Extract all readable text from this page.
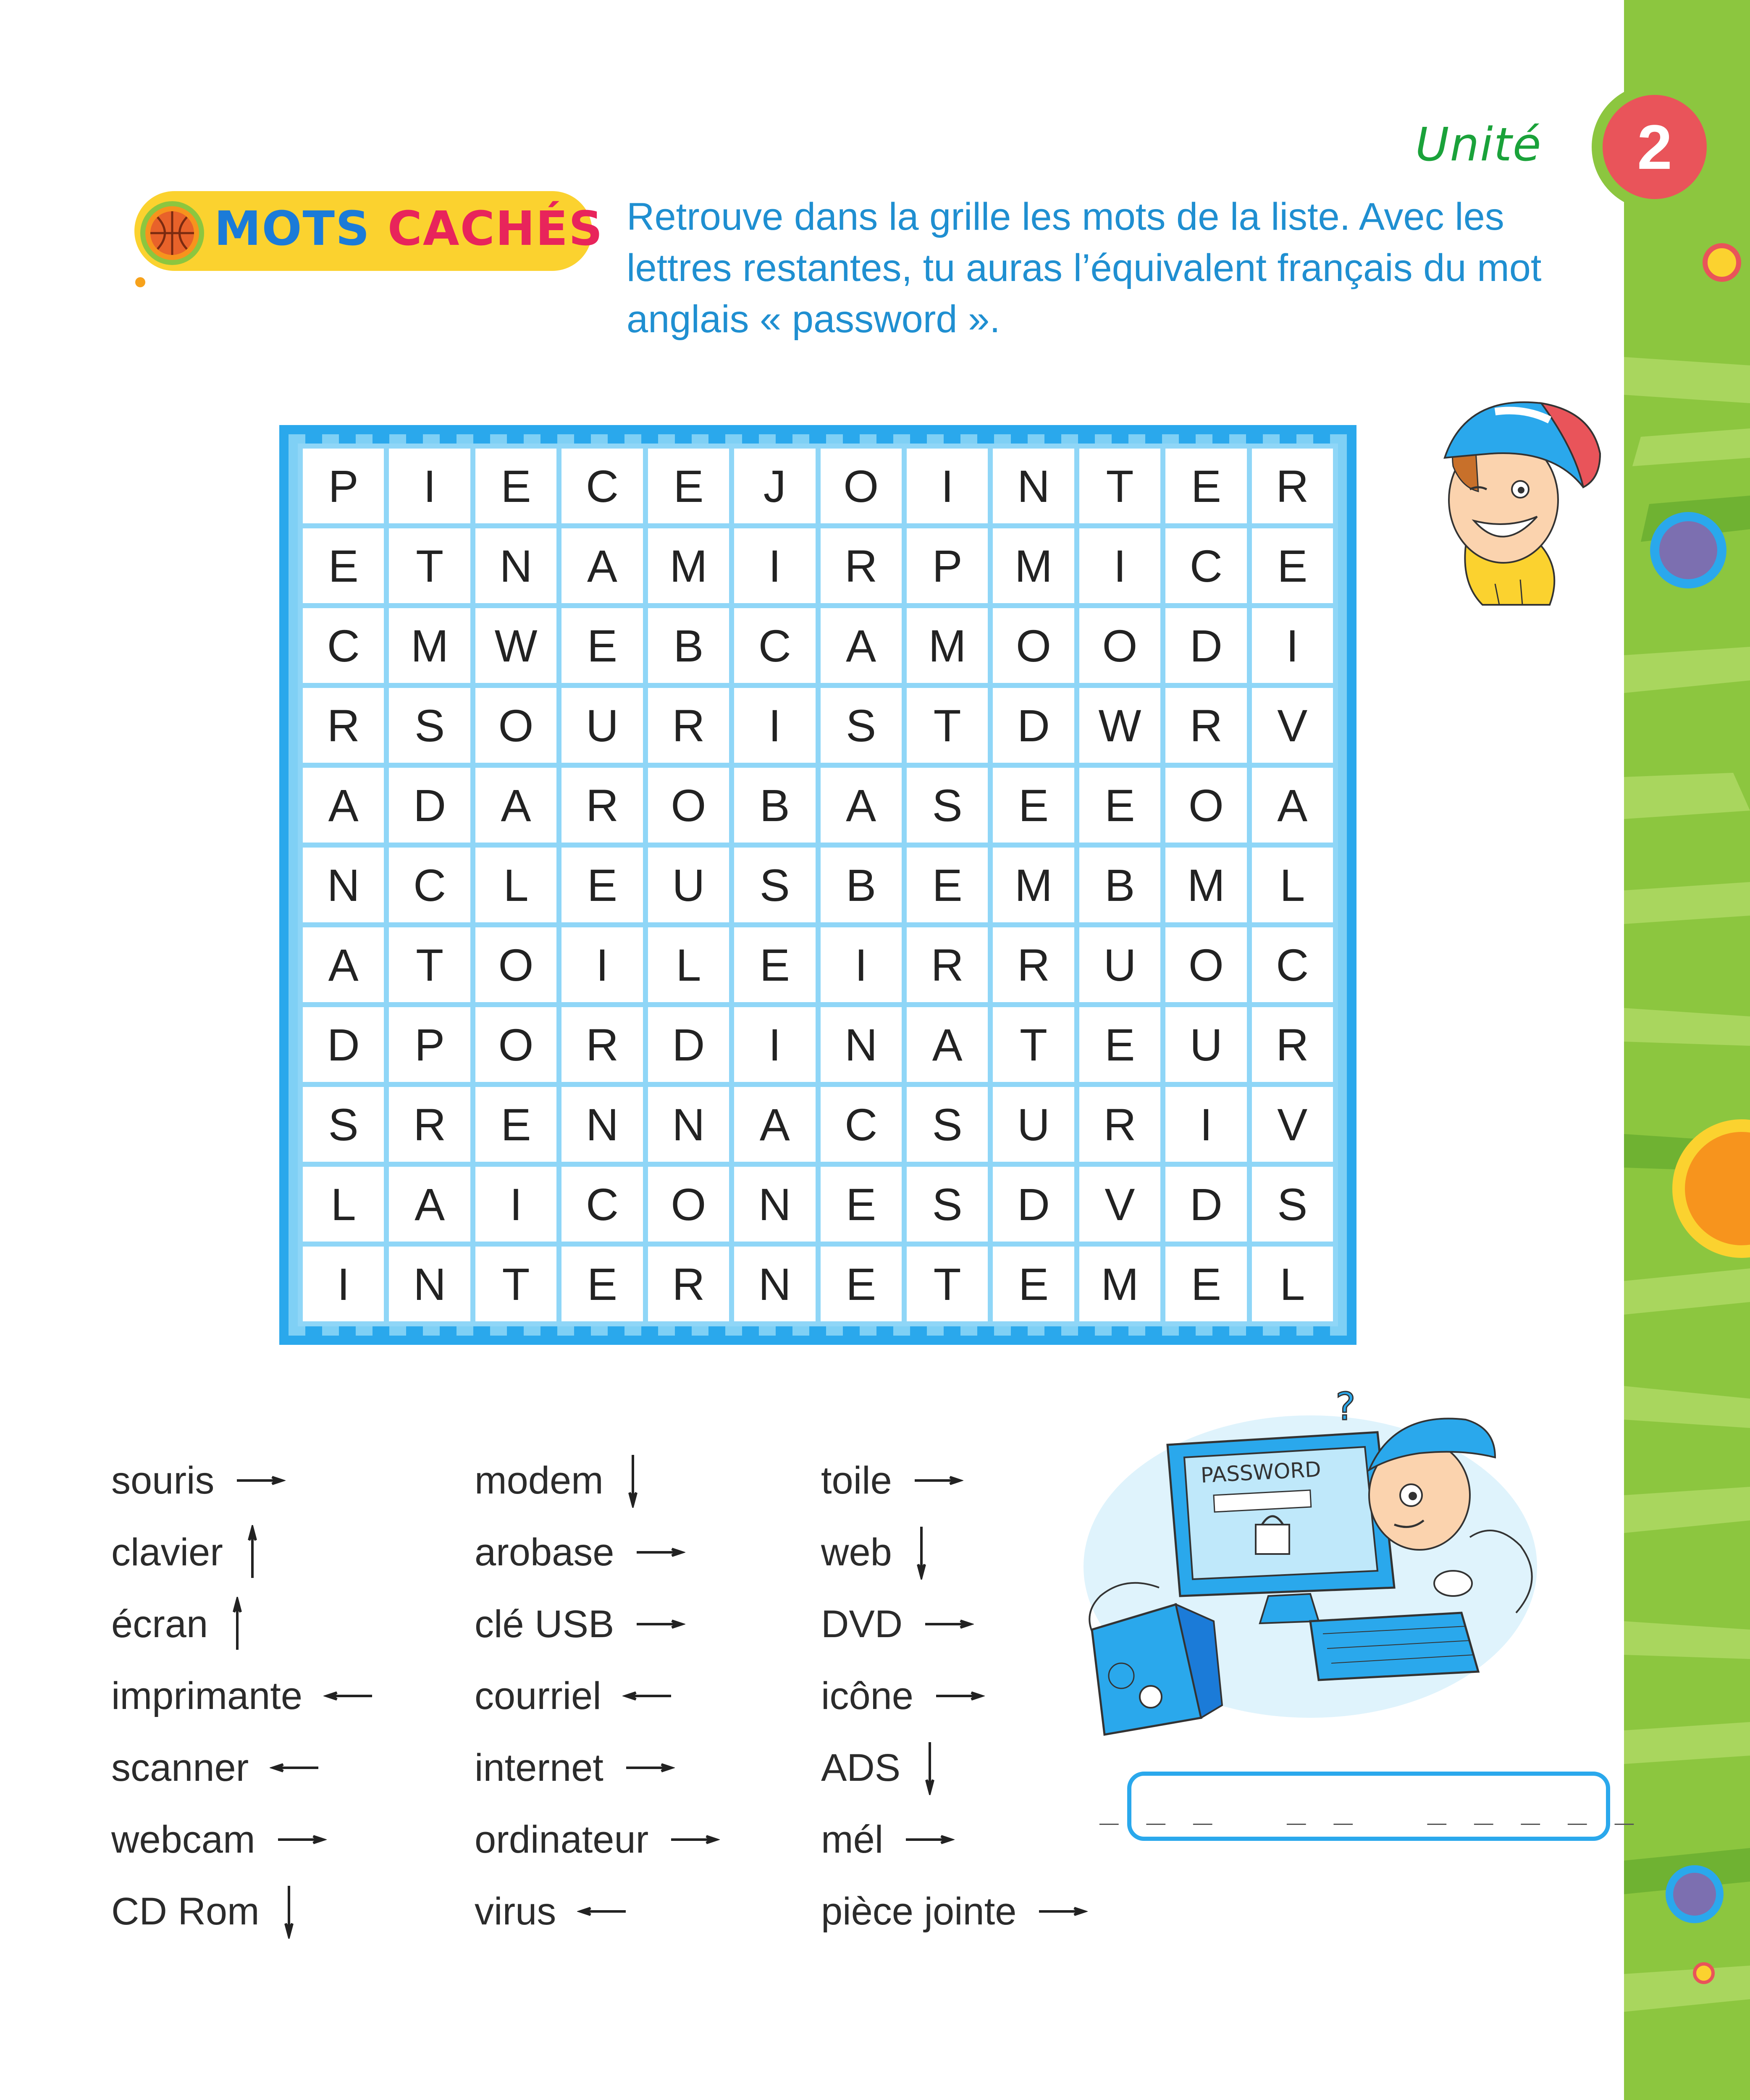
Unité	2
MOTS CACHÉS Retrouve dans la grille les mots de la liste. Avec les lettres restantes, tu auras l’équivalent français du mot anglais « password ».
P	I	E	C	E	J	O	I	N	T	E	R
E	T	N	A	M	I	R	P	M	I	C	E
C	M	W	E	B	C	A	M	O	O	D	I
R	S	O	U	R	I	S	T	D	W	R	V
A	D	A	R	O	B	A	S	E	E	O	A
N	C	L	E	U	S	B	E	M	B	M	L
A	T	O	I	L	E	I	R	R	U	O	C
D	P	O	R	D	I	N	A	T	E	U	R
S	R	E	N	N	A	C	S	U	R	I	V
L	A	I	C	O	N	E	S	D	V	D	S
I	N	T	E	R	N	E	T	E	M	E	L
souris
clavier
écran
imprimante
scanner
webcam
CD Rom
modem
arobase
clé USB
courriel
internet
ordinateur
virus
toile
web
DVD
icône
ADS
mél
pièce jointe
PASSWORD
?
_ _ _   _ _   _ _ _ _ _
